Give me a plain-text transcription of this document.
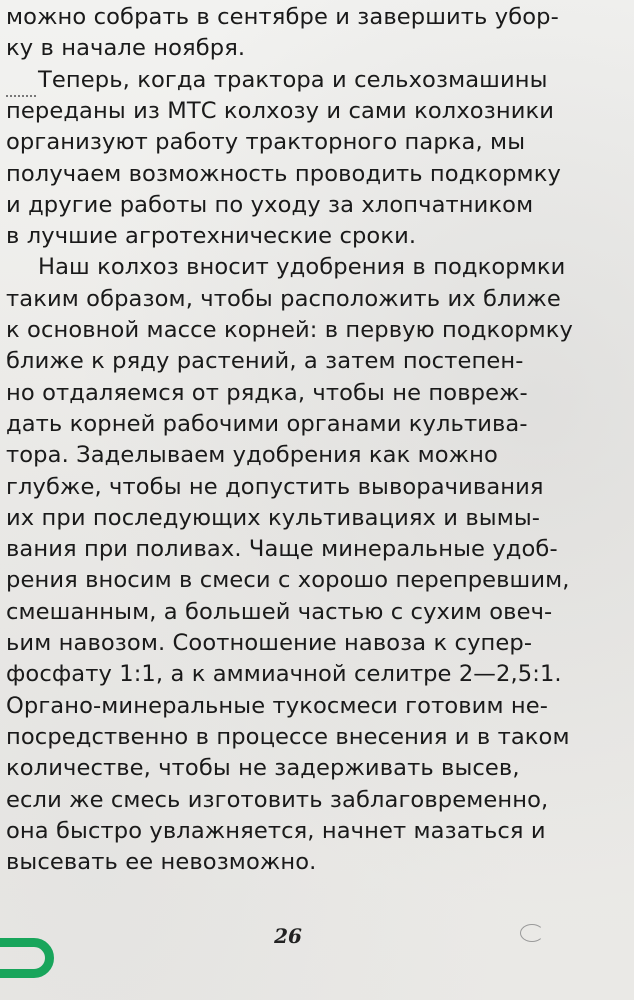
можно собрать в сентябре и завершить убор-
ку в начале ноября.
Теперь, когда трактора и сельхозмашины
переданы из МТС колхозу и сами колхозники
организуют работу тракторного парка, мы
получаем возможность проводить подкормку
и другие работы по уходу за хлопчатником
в лучшие агротехнические сроки.
Наш колхоз вносит удобрения в подкормки
таким образом, чтобы расположить их ближе
к основной массе корней: в первую подкормку
ближе к ряду растений, а затем постепен-
но отдаляемся от рядка, чтобы не повреж-
дать корней рабочими органами культива-
тора. Заделываем удобрения как можно
глубже, чтобы не допустить выворачивания
их при последующих культивациях и вымы-
вания при поливах. Чаще минеральные удоб-
рения вносим в смеси с хорошо перепревшим,
смешанным, а большей частью с сухим овеч-
ьим навозом. Соотношение навоза к супер-
фосфату 1:1, а к аммиачной селитре 2—2,5:1.
Органо-минеральные тукосмеси готовим не-
посредственно в процессе внесения и в таком
количестве, чтобы не задерживать высев,
если же смесь изготовить заблаговременно,
она быстро увлажняется, начнет мазаться и
высевать ее невозможно.
26
